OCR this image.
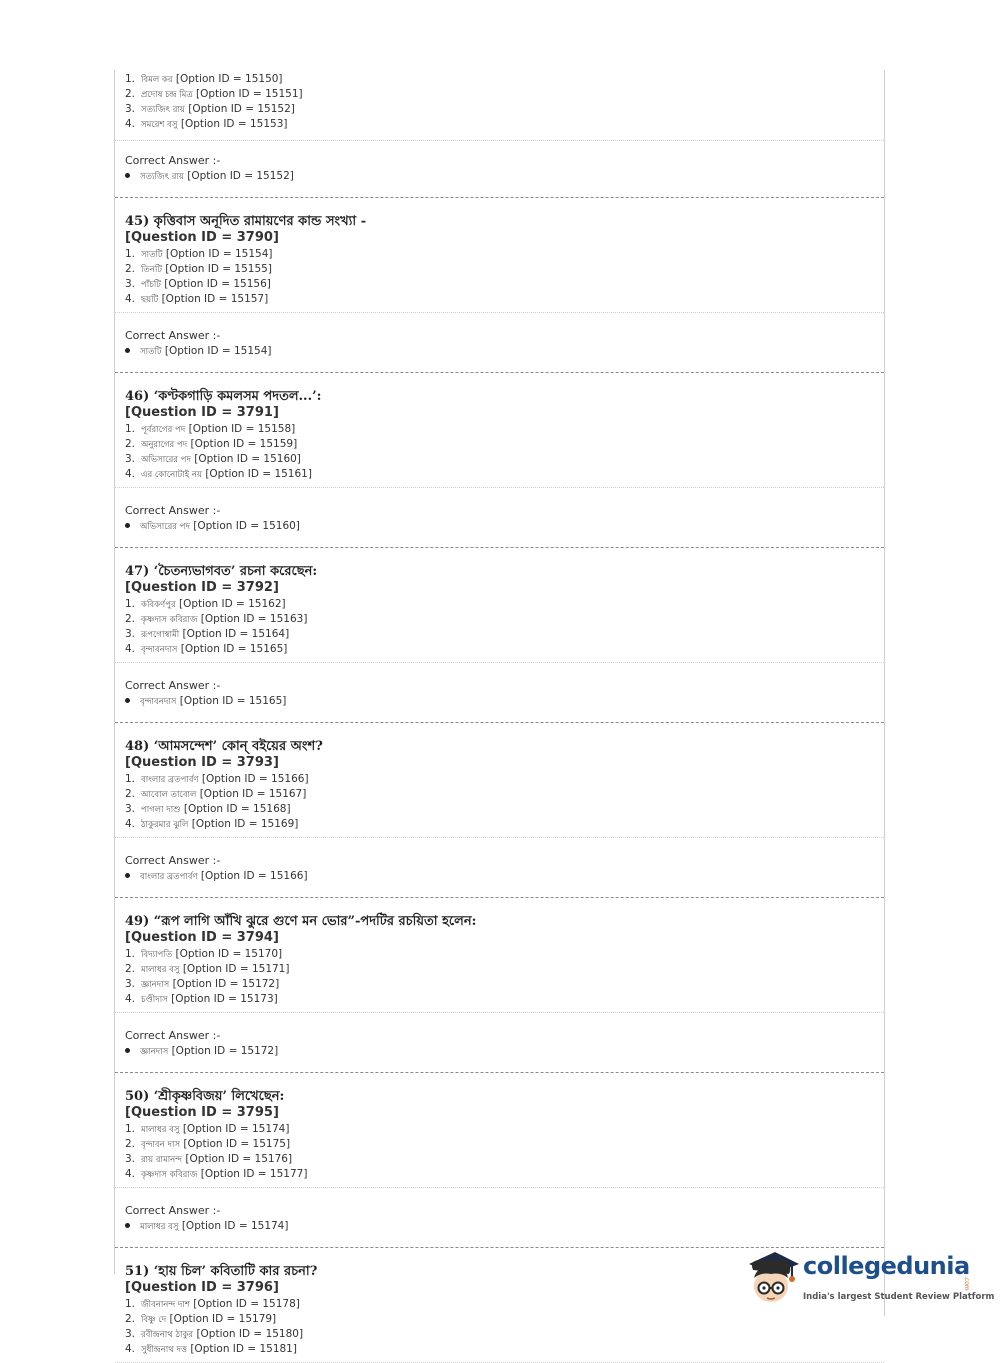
1. বিমল কর [Option ID = 15150]
2. প্রদোষ চন্দ্র মিত্র [Option ID = 15151]
3. সত্যজিৎ রায় [Option ID = 15152]
4. সমরেশ বসু [Option ID = 15153]
Correct Answer :-
সত্যজিৎ রায় [Option ID = 15152]
45) কৃত্তিবাস অনূদিত রামায়ণের কান্ড সংখ্যা -
[Question ID = 3790]
1. সাতটি [Option ID = 15154]
2. তিনটি [Option ID = 15155]
3. পাঁচটি [Option ID = 15156]
4. ছয়টি [Option ID = 15157]
Correct Answer :-
সাতটি [Option ID = 15154]
46) ‘কণ্টকগাড়ি কমলসম পদতল...’:
[Question ID = 3791]
1. পূর্বরাগের পদ [Option ID = 15158]
2. অনুরাগের পদ [Option ID = 15159]
3. অভিসারের পদ [Option ID = 15160]
4. এর কোনোটাই নয় [Option ID = 15161]
Correct Answer :-
অভিসারের পদ [Option ID = 15160]
47) ‘চৈতন্যভাগবত’ রচনা করেছেন:
[Question ID = 3792]
1. কবিকর্ণপুর [Option ID = 15162]
2. কৃষ্ণদাস কবিরাজ [Option ID = 15163]
3. রূপগোস্বামী [Option ID = 15164]
4. বৃন্দাবনদাস [Option ID = 15165]
Correct Answer :-
বৃন্দাবনদাস [Option ID = 15165]
48) ‘আমসন্দেশ’ কোন্ বইয়ের অংশ?
[Question ID = 3793]
1. বাংলার ব্রতপার্বণ [Option ID = 15166]
2. আবোল তাবোল [Option ID = 15167]
3. পাগলা দাশু [Option ID = 15168]
4. ঠাকুরমার ঝুলি [Option ID = 15169]
Correct Answer :-
বাংলার ব্রতপার্বণ [Option ID = 15166]
49) “রূপ লাগি আঁখি ঝুরে গুণে মন ভোর”-পদটির রচয়িতা হলেন:
[Question ID = 3794]
1. বিদ্যাপতি [Option ID = 15170]
2. মালাধর বসু [Option ID = 15171]
3. জ্ঞানদাস [Option ID = 15172]
4. চণ্ডীদাস [Option ID = 15173]
Correct Answer :-
জ্ঞানদাস [Option ID = 15172]
50) ‘শ্রীকৃষ্ণবিজয়’ লিখেছেন:
[Question ID = 3795]
1. মালাধর বসু [Option ID = 15174]
2. বৃন্দাবন দাস [Option ID = 15175]
3. রায় রামানন্দ [Option ID = 15176]
4. কৃষ্ণদাস কবিরাজ [Option ID = 15177]
Correct Answer :-
মালাধর বসু [Option ID = 15174]
51) ‘হায় চিল’ কবিতাটি কার রচনা?
[Question ID = 3796]
1. জীবনানন্দ দাশ [Option ID = 15178]
2. বিষ্ণু দে [Option ID = 15179]
3. রবীন্দ্রনাথ ঠাকুর [Option ID = 15180]
4. সুধীন্দ্রনাথ দত্ত [Option ID = 15181]
collegedunia
.com
India's largest Student Review Platform
